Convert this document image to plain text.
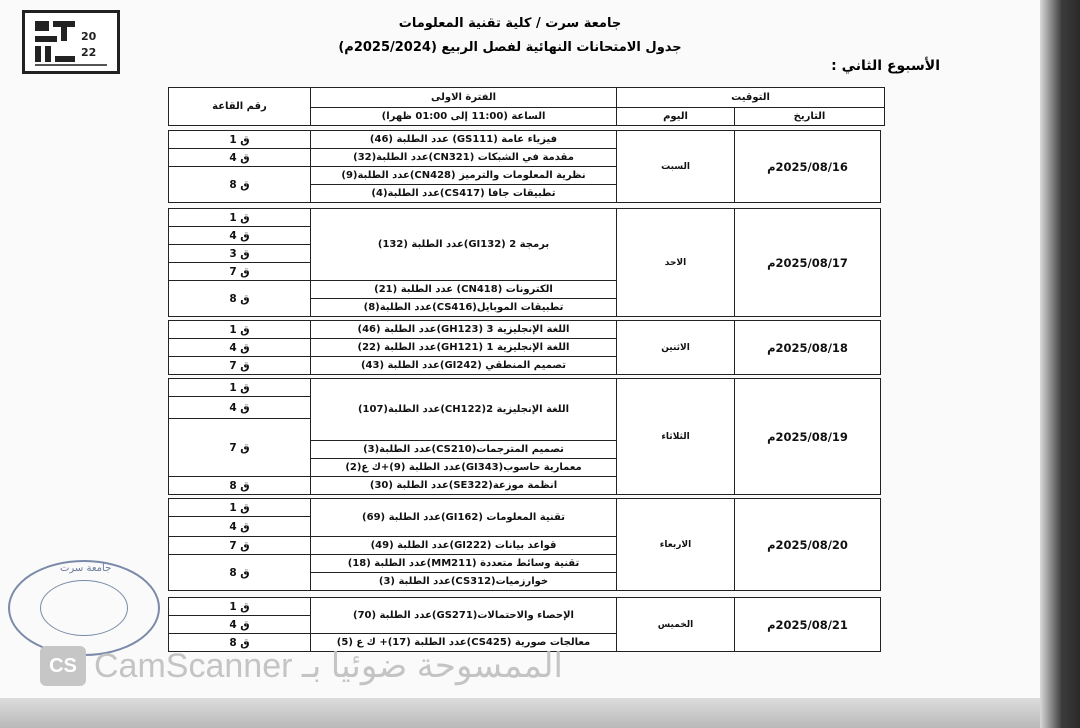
20
22
جامعة سرت / كلية تقنية المعلومات
جدول الامتحانات النهائية لفصل الربيع (2025/2024م)
الأسبوع الثاني :
التوقيت		الفترة الاولى	رقم القاعة
التاريخ	اليوم	الساعة (11:00 إلى 01:00 ظهرا)	
2025/08/16م	السبت	فيزياء عامة (GS111) عدد الطلبة (46)	ق 1
		مقدمة في الشبكات (CN321)عدد الطلبة(32)	ق 4
		نظرية المعلومات والترميز (CN428)عدد الطلبة(9)	ق 8
		تطبيقات جافا (CS417)عدد الطلبة(4)	
2025/08/17م	الاحد	برمجة 2 (GI132)عدد الطلبة (132)	ق 1
			ق 4
			ق 3
			ق 7
		الكترونات (CN418) عدد الطلبة (21)	ق 8
		تطبيقات الموبايل(CS416)عدد الطلبة(8)	
2025/08/18م	الاثنين	اللغة الإنجليزية 3 (GH123)عدد الطلبة (46)	ق 1
		اللغة الإنجليزية 1 (GH121)عدد الطلبة (22)	ق 4
		تصميم المنطقي (GI242)عدد الطلبة (43)	ق 7
2025/08/19م	الثلاثاء	اللغة الإنجليزية 2(CH122)عدد الطلبة(107)	ق 1
			ق 4
			ق 7
		تصميم المترجمات(CS210)عدد الطلبة(3)	
		معمارية حاسوب(GI343)عدد الطلبة (9)+ك ع(2)	
		انظمة موزعة(SE322)عدد الطلبة (30)	ق 8
2025/08/20م	الاربعاء	تقنية المعلومات (GI162)عدد الطلبة (69)	ق 1
			ق 4
		قواعد بيانات (GI222)عدد الطلبة (49)	ق 7
		تقنية وسائط متعددة (MM211)عدد الطلبة (18)	ق 8
		خوارزميات(CS312)عدد الطلبة (3)	
2025/08/21م	الخميس	الإحصاء والاحتمالات(GS271)عدد الطلبة (70)	ق 1
			ق 4
		معالجات صورية (CS425)عدد الطلبة (17)+ ك ع (5)	ق 8
جامعة سرت
CS CamScanner الممسوحة ضوئيا بـ
